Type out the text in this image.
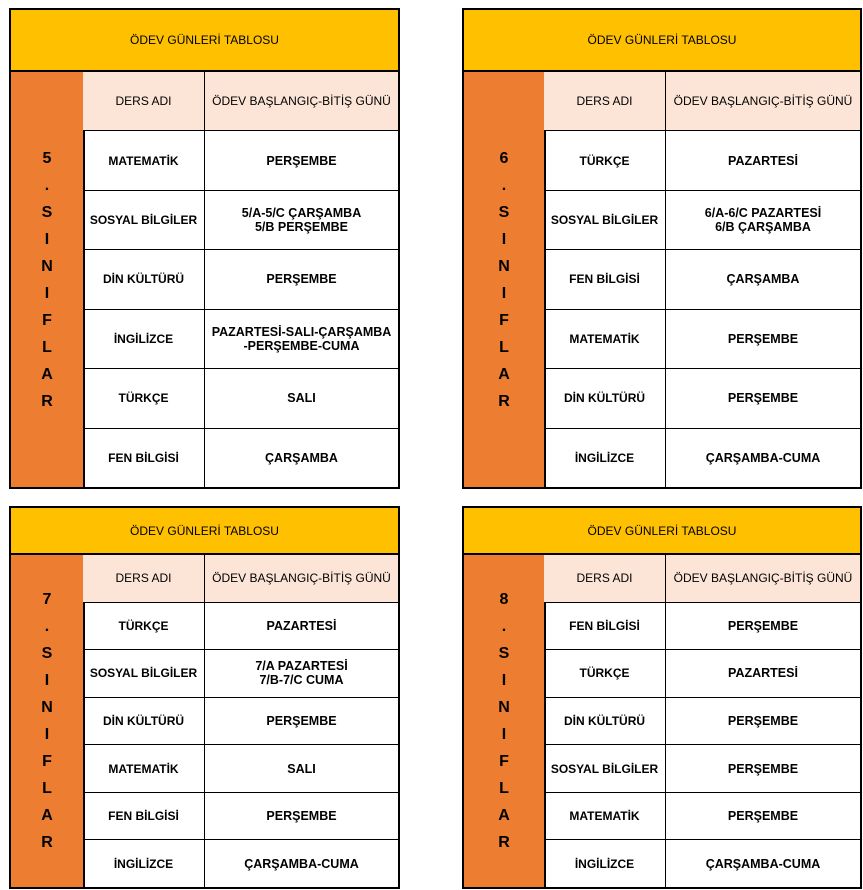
ÖDEV GÜNLERİ TABLOSU
5
.
S
I
N
I
F
L
A
R
DERS ADI	ÖDEV BAŞLANGIÇ-BİTİŞ GÜNÜ
MATEMATİK	PERŞEMBE
SOSYAL BİLGİLER	5/A-5/C ÇARŞAMBA
5/B PERŞEMBE
DİN KÜLTÜRÜ	PERŞEMBE
İNGİLİZCE	PAZARTESİ-SALI-ÇARŞAMBA
-PERŞEMBE-CUMA
TÜRKÇE	SALI
FEN BİLGİSİ	ÇARŞAMBA
ÖDEV GÜNLERİ TABLOSU
6
.
S
I
N
I
F
L
A
R
DERS ADI	ÖDEV BAŞLANGIÇ-BİTİŞ GÜNÜ
TÜRKÇE	PAZARTESİ
SOSYAL BİLGİLER	6/A-6/C PAZARTESİ
6/B ÇARŞAMBA
FEN BİLGİSİ	ÇARŞAMBA
MATEMATİK	PERŞEMBE
DİN KÜLTÜRÜ	PERŞEMBE
İNGİLİZCE	ÇARŞAMBA-CUMA
ÖDEV GÜNLERİ TABLOSU
7
.
S
I
N
I
F
L
A
R
DERS ADI	ÖDEV BAŞLANGIÇ-BİTİŞ GÜNÜ
TÜRKÇE	PAZARTESİ
SOSYAL BİLGİLER	7/A PAZARTESİ
7/B-7/C CUMA
DİN KÜLTÜRÜ	PERŞEMBE
MATEMATİK	SALI
FEN BİLGİSİ	PERŞEMBE
İNGİLİZCE	ÇARŞAMBA-CUMA
ÖDEV GÜNLERİ TABLOSU
8
.
S
I
N
I
F
L
A
R
DERS ADI	ÖDEV BAŞLANGIÇ-BİTİŞ GÜNÜ
FEN BİLGİSİ	PERŞEMBE
TÜRKÇE	PAZARTESİ
DİN KÜLTÜRÜ	PERŞEMBE
SOSYAL BİLGİLER	PERŞEMBE
MATEMATİK	PERŞEMBE
İNGİLİZCE	ÇARŞAMBA-CUMA
